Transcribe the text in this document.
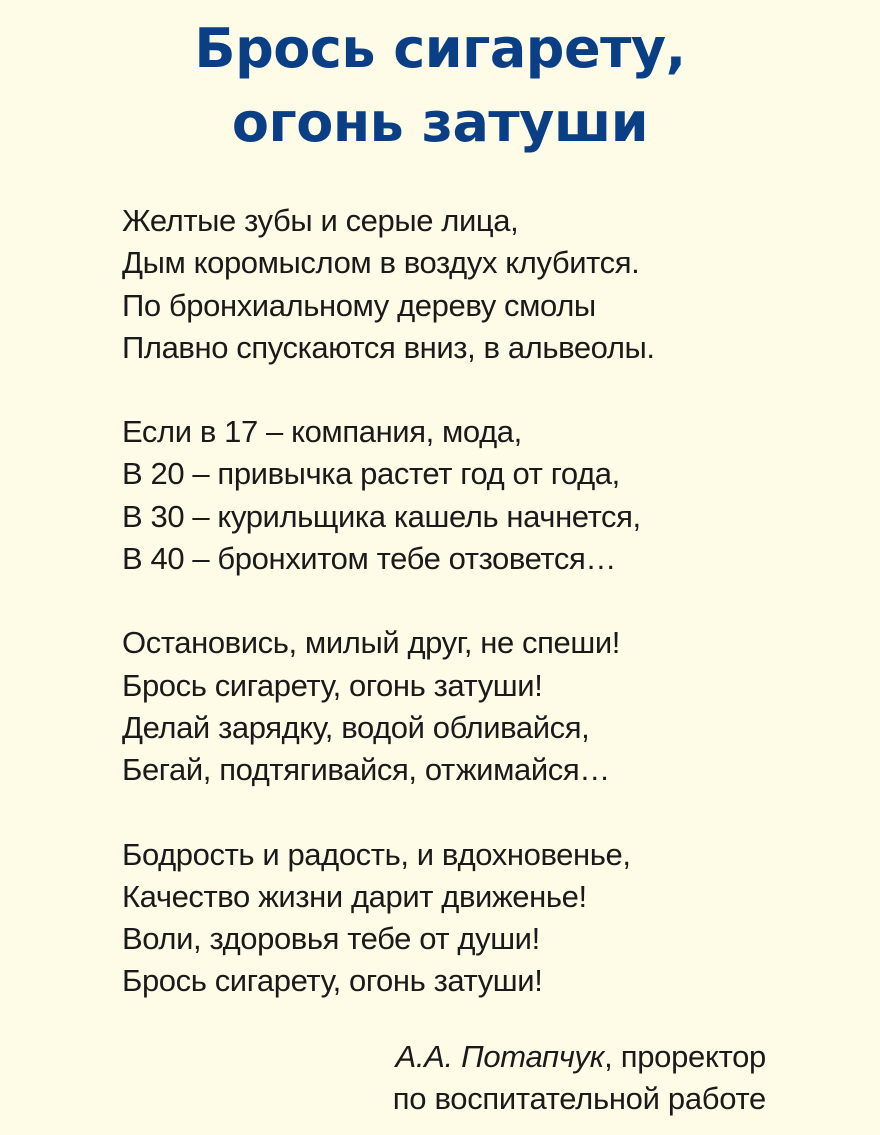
Брось сигарету,
огонь затуши
Желтые зубы и серые лица,
Дым коромыслом в воздух клубится.
По бронхиальному дереву смолы
Плавно спускаются вниз, в альвеолы.
Если в 17 – компания, мода,
В 20 – привычка растет год от года,
В 30 – курильщика кашель начнется,
В 40 – бронхитом тебе отзовется…
Остановись, милый друг, не спеши!
Брось сигарету, огонь затуши!
Делай зарядку, водой обливайся,
Бегай, подтягивайся, отжимайся…
Бодрость и радость, и вдохновенье,
Качество жизни дарит движенье!
Воли, здоровья тебе от души!
Брось сигарету, огонь затуши!
А.А. Потапчук, проректор
по воспитательной работе
